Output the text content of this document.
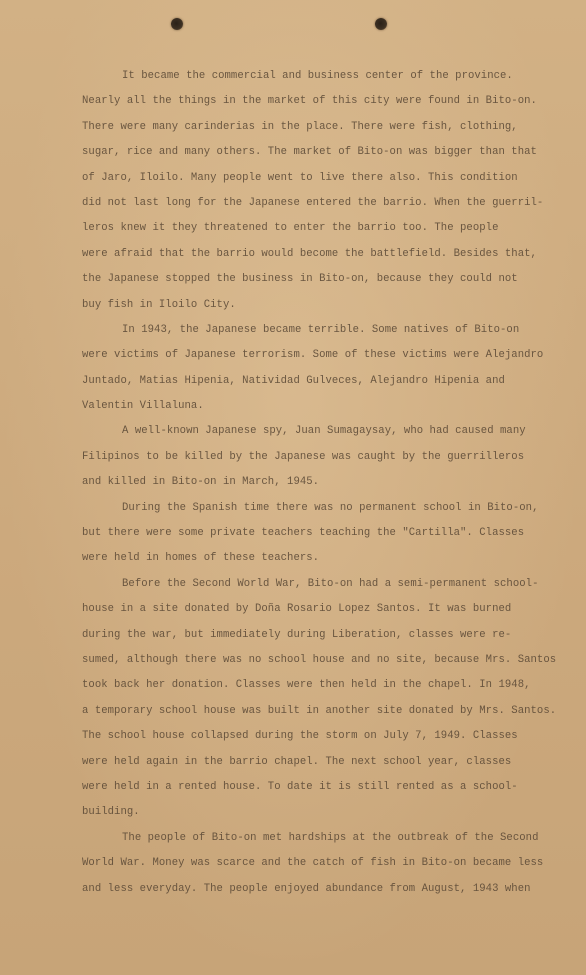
It became the commercial and business center of the province.
Nearly all the things in the market of this city were found in Bito-on.
There were many carinderias in the place. There were fish, clothing,
sugar, rice and many others. The market of Bito-on was bigger than that
of Jaro, Iloilo. Many people went to live there also. This condition
did not last long for the Japanese entered the barrio. When the guerril-
leros knew it they threatened to enter the barrio too. The people
were afraid that the barrio would become the battlefield. Besides that,
the Japanese stopped the business in Bito-on, because they could not
buy fish in Iloilo City.
In 1943, the Japanese became terrible. Some natives of Bito-on
were victims of Japanese terrorism. Some of these victims were Alejandro
Juntado, Matias Hipenia, Natividad Gulveces, Alejandro Hipenia and
Valentin Villaluna.
A well-known Japanese spy, Juan Sumagaysay, who had caused many
Filipinos to be killed by the Japanese was caught by the guerrilleros
and killed in Bito-on in March, 1945.
During the Spanish time there was no permanent school in Bito-on,
but there were some private teachers teaching the "Cartilla". Classes
were held in homes of these teachers.
Before the Second World War, Bito-on had a semi-permanent school-
house in a site donated by Doña Rosario Lopez Santos. It was burned
during the war, but immediately during Liberation, classes were re-
sumed, although there was no school house and no site, because Mrs. Santos
took back her donation. Classes were then held in the chapel. In 1948,
a temporary school house was built in another site donated by Mrs. Santos.
The school house collapsed during the storm on July 7, 1949. Classes
were held again in the barrio chapel. The next school year, classes
were held in a rented house. To date it is still rented as a school-
building.
The people of Bito-on met hardships at the outbreak of the Second
World War. Money was scarce and the catch of fish in Bito-on became less
and less everyday. The people enjoyed abundance from August, 1943 when
